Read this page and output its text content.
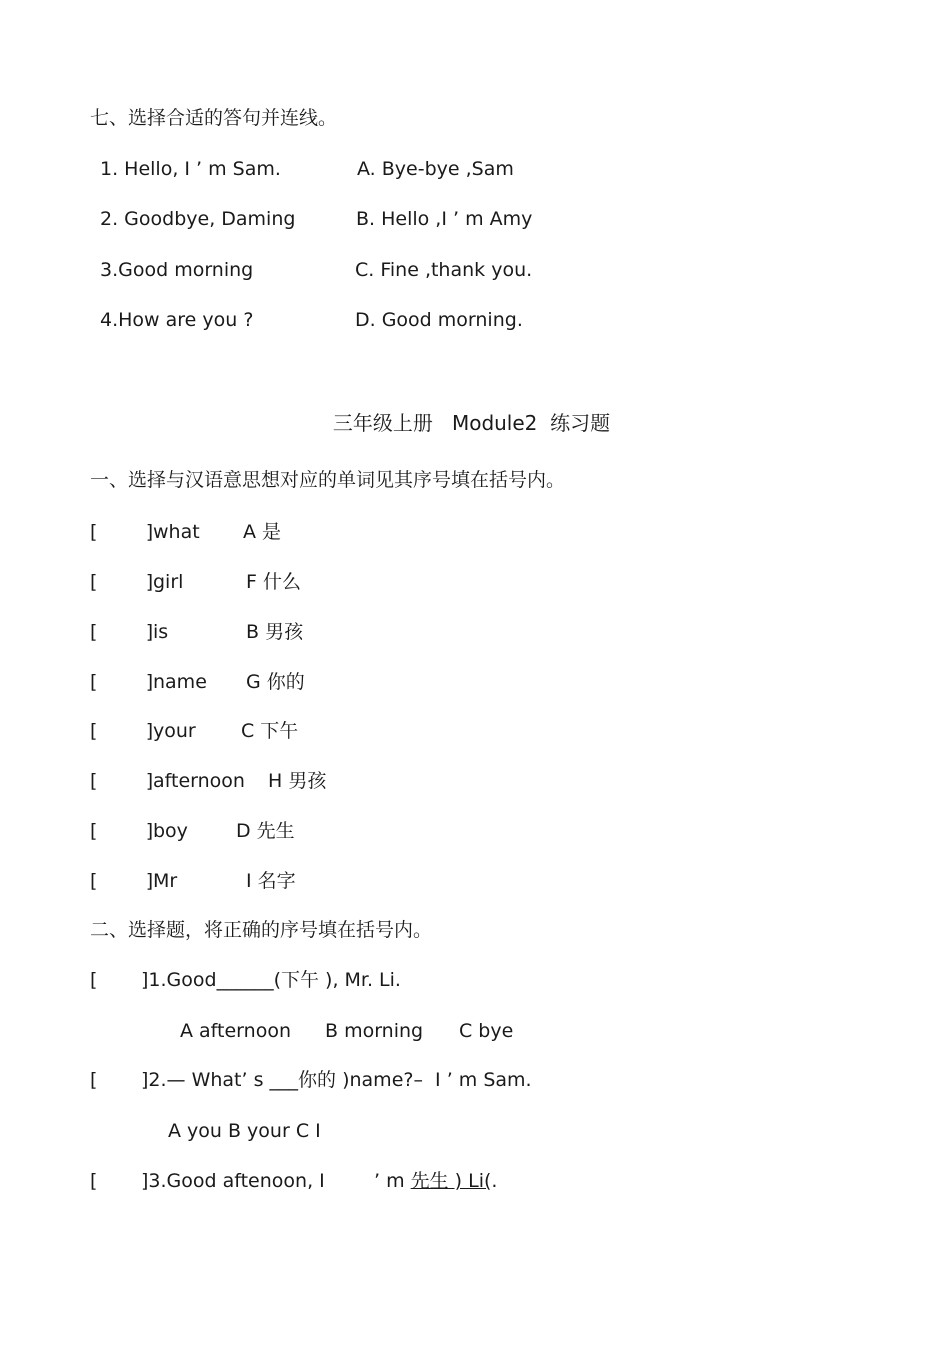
七、选择合适的答句并连线。
1. Hello, I ’ m Sam.	A. Bye-bye ,Sam
2. Goodbye, Daming	B. Hello ,I ’ m Amy
3.Good morning	C. Fine ,thank you.
4.How are you ?	D. Good morning.
三年级上册   Module2  练习题
一、选择与汉语意思想对应的单词见其序号填在括号内。
[        ] what A 是
[        ] girl	F 什么
[        ] is	B 男孩
[        ] name G 你的
[        ] your C 下午
[        ] afternoon H 男孩
[        ] boy	D 先生
[        ] Mr	I 名字
二、选择题，将正确的序号填在括号内。
[ ]1.Good______(下午 ), Mr. Li.
A afternoon B morning C bye
[ ]2.— What’ s ___你的 )name?–  I ’ m Sam.
A you B your C I
[ ]3.Good aftenoon, I	’ m 先生 ) Li(.
